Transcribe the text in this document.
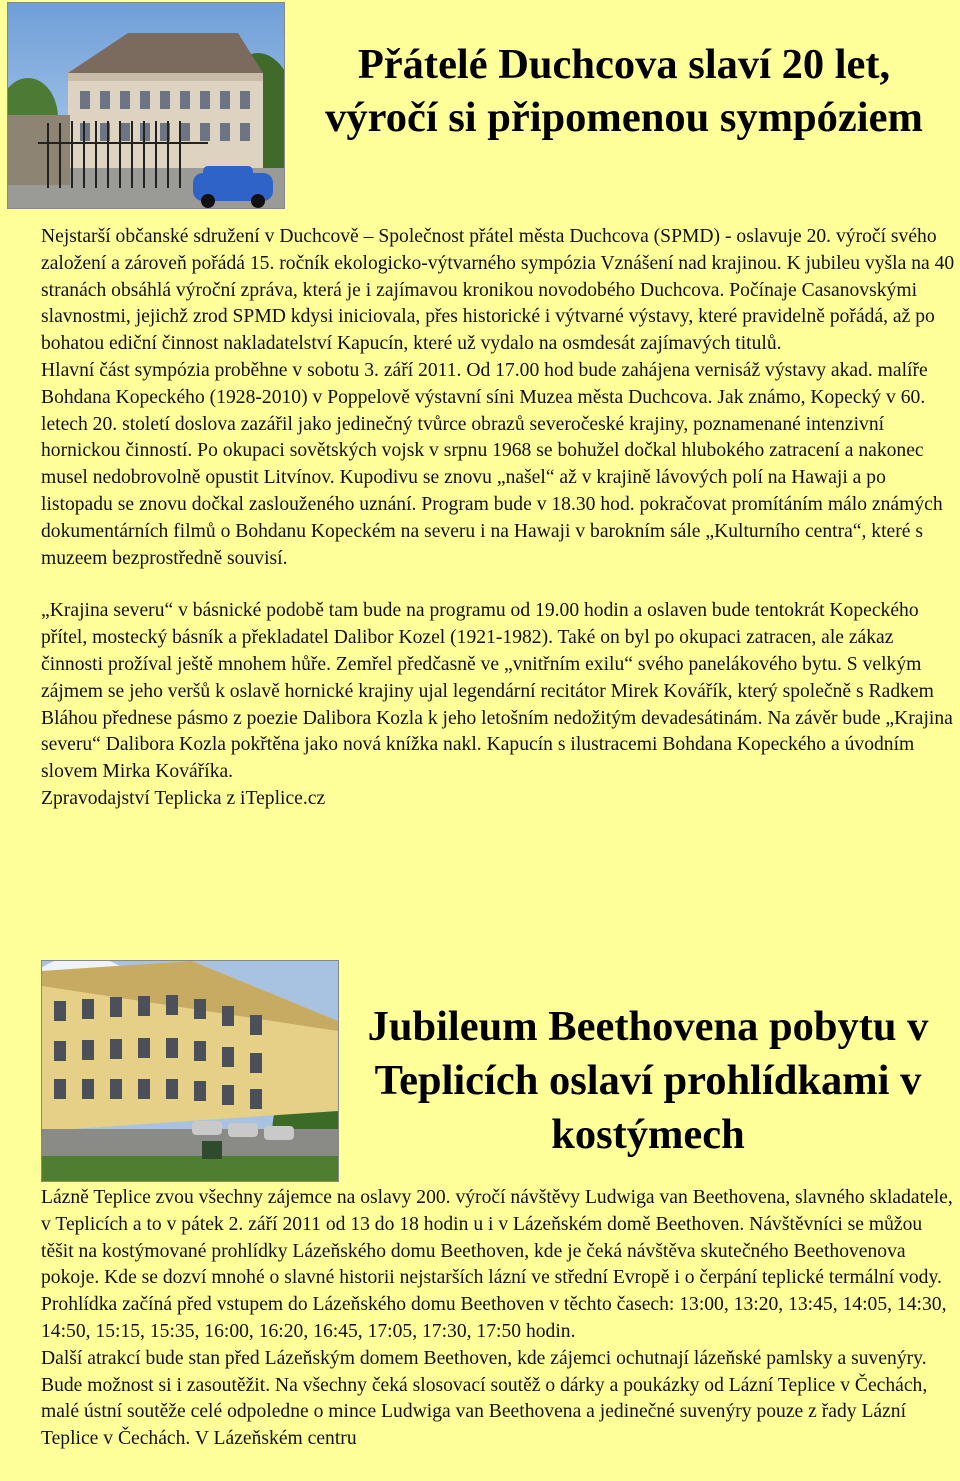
Přátelé Duchcova slaví 20 let,
výročí si připomenou sympóziem

Nejstarší občanské sdružení v Duchcově – Společnost přátel města Duchcova (SPMD) - oslavuje 20. výročí svého založení a zároveň pořádá 15. ročník ekologicko-výtvarného sympózia Vznášení nad krajinou. K jubileu vyšla na 40 stranách obsáhlá výroční zpráva, která je i zajímavou kronikou novodobého Duchcova. Počínaje Casanovskými slavnostmi, jejichž zrod SPMD kdysi iniciovala, přes historické i výtvarné výstavy, které pravidelně pořádá, až po bohatou ediční činnost nakladatelství Kapucín, které už vydalo na osmdesát zajímavých titulů.

Hlavní část sympózia proběhne v sobotu 3. září 2011. Od 17.00 hod bude zahájena vernisáž výstavy akad. malíře Bohdana Kopeckého (1928-2010) v Poppelově výstavní síni Muzea města Duchcova. Jak známo, Kopecký v 60. letech 20. století doslova zazářil jako jedinečný tvůrce obrazů severočeské krajiny, poznamenané intenzivní hornickou činností. Po okupaci sovětských vojsk v srpnu 1968 se bohužel dočkal hlubokého zatracení a nakonec musel nedobrovolně opustit Litvínov. Kupodivu se znovu „našel“ až v krajině lávových polí na Hawaji a po listopadu se znovu dočkal zaslouženého uznání. Program bude v 18.30 hod. pokračovat promítáním málo známých dokumentárních filmů o Bohdanu Kopeckém na severu i na Hawaji v barokním sále „Kulturního centra“, které s muzeem bezprostředně souvisí.

„Krajina severu“ v básnické podobě tam bude na programu od 19.00 hodin a oslaven bude tentokrát Kopeckého přítel, mostecký básník a překladatel Dalibor Kozel (1921-1982). Také on byl po okupaci zatracen, ale zákaz činnosti prožíval ještě mnohem hůře. Zemřel předčasně ve „vnitřním exilu“ svého panelákového bytu. S velkým zájmem se jeho veršů k oslavě hornické krajiny ujal legendární recitátor Mirek Kovářík, který společně s Radkem Bláhou přednese pásmo z poezie Dalibora Kozla k jeho letošním nedožitým devadesátinám. Na závěr bude „Krajina severu“ Dalibora Kozla pokřtěna jako nová knížka nakl. Kapucín s ilustracemi Bohdana Kopeckého a úvodním slovem Mirka Kováříka.

Zpravodajství Teplicka z iTeplice.cz

Jubileum Beethovena pobytu v
Teplicích oslaví prohlídkami v
kostýmech

Lázně Teplice zvou všechny zájemce na oslavy 200. výročí návštěvy Ludwiga van Beethovena, slavného skladatele, v Teplicích a to v pátek 2. září 2011 od 13 do 18 hodin u i v Lázeňském domě Beethoven. Návštěvníci se můžou těšit na kostýmované prohlídky Lázeňského domu Beethoven, kde je čeká návštěva skutečného Beethovenova pokoje. Kde se dozví mnohé o slavné historii nejstarších lázní ve střední Evropě i o čerpání teplické termální vody. Prohlídka začíná před vstupem do Lázeňského domu Beethoven v těchto časech: 13:00, 13:20, 13:45, 14:05, 14:30, 14:50, 15:15, 15:35, 16:00, 16:20, 16:45, 17:05, 17:30, 17:50 hodin.

Další atrakcí bude stan před Lázeňským domem Beethoven, kde zájemci ochutnají lázeňské pamlsky a suvenýry. Bude možnost si i zasoutěžit. Na všechny čeká slosovací soutěž o dárky a poukázky od Lázní Teplice v Čechách, malé ústní soutěže celé odpoledne o mince Ludwiga van Beethovena a jedinečné suvenýry pouze z řady Lázní Teplice v Čechách. V Lázeňském centru
